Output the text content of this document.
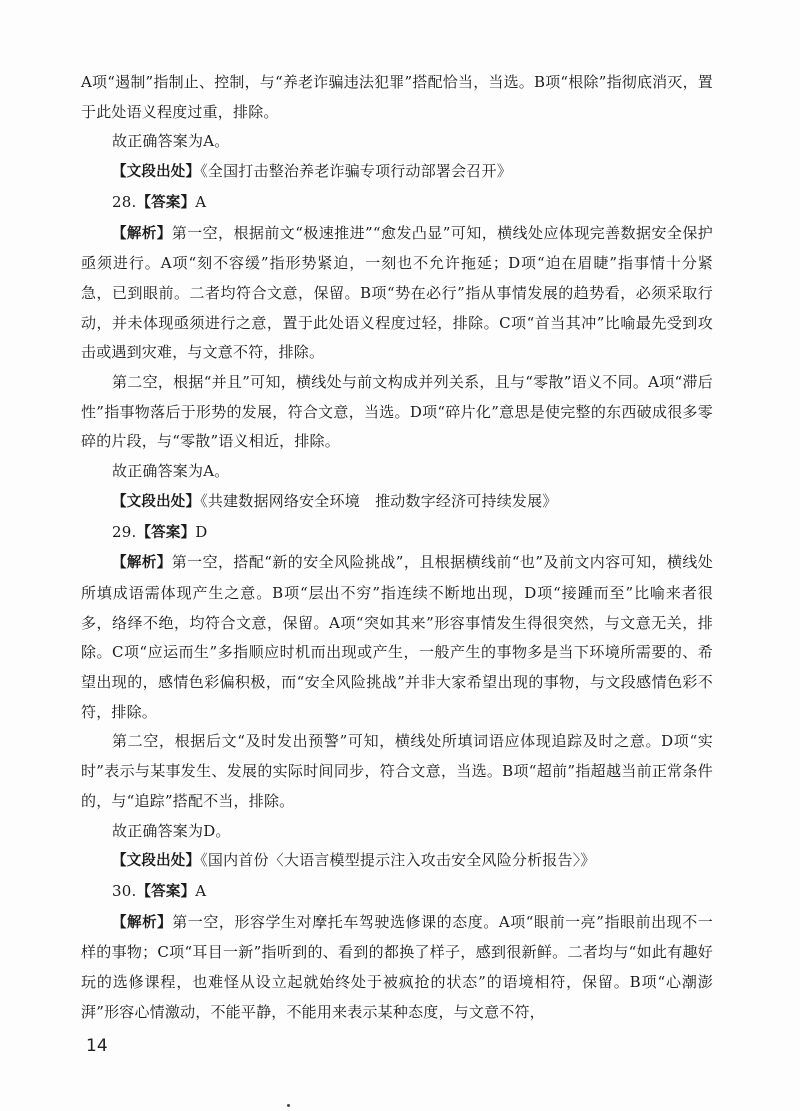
A项“遏制”指制止、控制，与“养老诈骗违法犯罪”搭配恰当，当选。B项“根除”指彻底消灭，置于此处语义程度过重，排除。

故正确答案为A。

【文段出处】《全国打击整治养老诈骗专项行动部署会召开》

28.【答案】A

【解析】第一空，根据前文“极速推进”“愈发凸显”可知，横线处应体现完善数据安全保护亟须进行。A项“刻不容缓”指形势紧迫，一刻也不允许拖延；D项“迫在眉睫”指事情十分紧急，已到眼前。二者均符合文意，保留。B项“势在必行”指从事情发展的趋势看，必须采取行动，并未体现亟须进行之意，置于此处语义程度过轻，排除。C项“首当其冲”比喻最先受到攻击或遇到灾难，与文意不符，排除。

第二空，根据“并且”可知，横线处与前文构成并列关系，且与“零散”语义不同。A项“滞后性”指事物落后于形势的发展，符合文意，当选。D项“碎片化”意思是使完整的东西破成很多零碎的片段，与“零散”语义相近，排除。

故正确答案为A。

【文段出处】《共建数据网络安全环境　推动数字经济可持续发展》

29.【答案】D

【解析】第一空，搭配“新的安全风险挑战”，且根据横线前“也”及前文内容可知，横线处所填成语需体现产生之意。B项“层出不穷”指连续不断地出现，D项“接踵而至”比喻来者很多，络绎不绝，均符合文意，保留。A项“突如其来”形容事情发生得很突然，与文意无关，排除。C项“应运而生”多指顺应时机而出现或产生，一般产生的事物多是当下环境所需要的、希望出现的，感情色彩偏积极，而“安全风险挑战”并非大家希望出现的事物，与文段感情色彩不符，排除。

第二空，根据后文“及时发出预警”可知，横线处所填词语应体现追踪及时之意。D项“实时”表示与某事发生、发展的实际时间同步，符合文意，当选。B项“超前”指超越当前正常条件的，与“追踪”搭配不当，排除。

故正确答案为D。

【文段出处】《国内首份〈大语言模型提示注入攻击安全风险分析报告〉》

30.【答案】A

【解析】第一空，形容学生对摩托车驾驶选修课的态度。A项“眼前一亮”指眼前出现不一样的事物；C项“耳目一新”指听到的、看到的都换了样子，感到很新鲜。二者均与“如此有趣好玩的选修课程，也难怪从设立起就始终处于被疯抢的状态”的语境相符，保留。B项“心潮澎湃”形容心情激动，不能平静，不能用来表示某种态度，与文意不符，

14
